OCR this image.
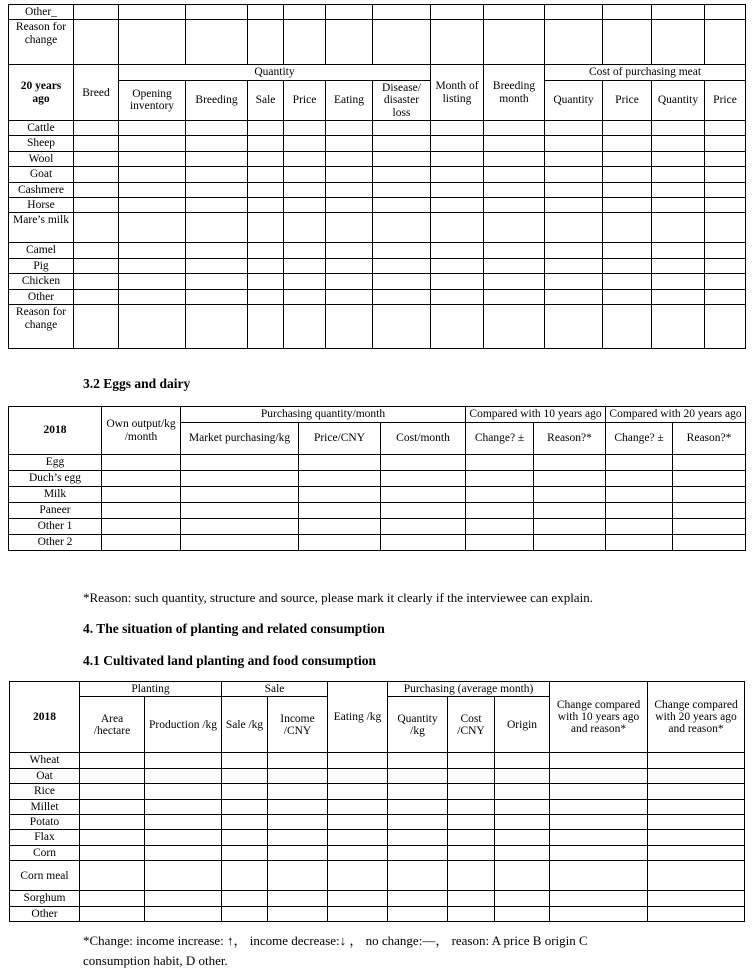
Other_													
Reason for change													
20 years ago	Breed	Quantity						Month of listing	Breeding month	Cost of purchasing meat			
		Opening inventory	Breeding	Sale	Price	Eating	Disease/ disaster loss			Quantity	Price	Quantity	Price
Cattle													
Sheep													
Wool													
Goat													
Cashmere													
Horse													
Mare’s milk													
Camel													
Pig													
Chicken													
Other													
Reason for change													
3.2 Eggs and dairy
2018	Own output/kg /month	Purchasing quantity/month			Compared with 10 years ago		Compared with 20 years ago	
		Market purchasing/kg	Price/CNY	Cost/month	Change? ±	Reason?*	Change? ±	Reason?*
Egg								
Duch’s egg								
Milk								
Paneer								
Other 1								
Other 2								
*Reason: such quantity, structure and source, please mark it clearly if the interviewee can explain.
4. The situation of planting and related consumption
4.1 Cultivated land planting and food consumption
2018	Planting		Sale		Eating /kg	Purchasing (average month)			Change compared with 10 years ago and reason*	Change compared with 20 years ago and reason*
	Area /hectare	Production /kg	Sale /kg	Income /CNY		Quantity /kg	Cost /CNY	Origin		
Wheat										
Oat										
Rice										
Millet										
Potato										
Flax										
Corn										
Corn meal										
Sorghum										
Other										
*Change: income increase: ↑， income decrease:↓ ， no change:—， reason: A price B origin C
consumption habit, D other.
